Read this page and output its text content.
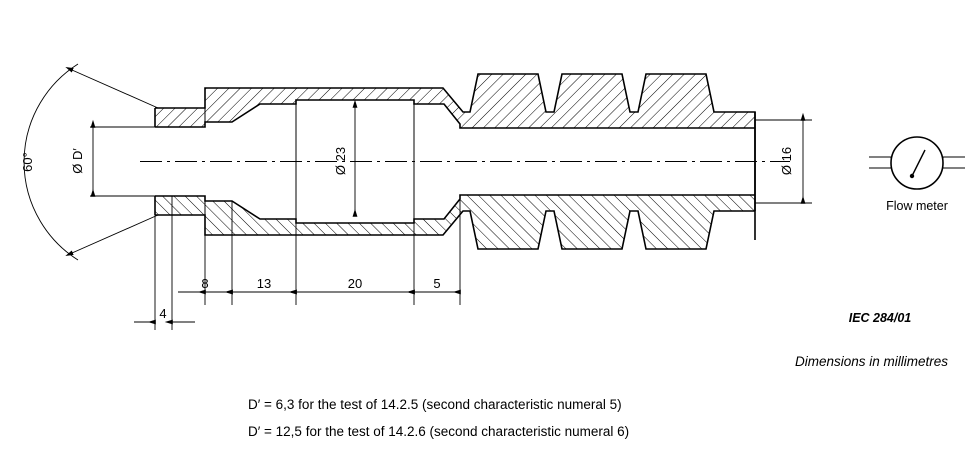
60°	Ø D′	Ø 23	Ø 16
8	13	20	5
4
Flow meter
IEC 284/01
Dimensions in millimetres
D′ = 6,3 for the test of 14.2.5 (second characteristic numeral 5)
D′ = 12,5 for the test of 14.2.6 (second characteristic numeral 6)
